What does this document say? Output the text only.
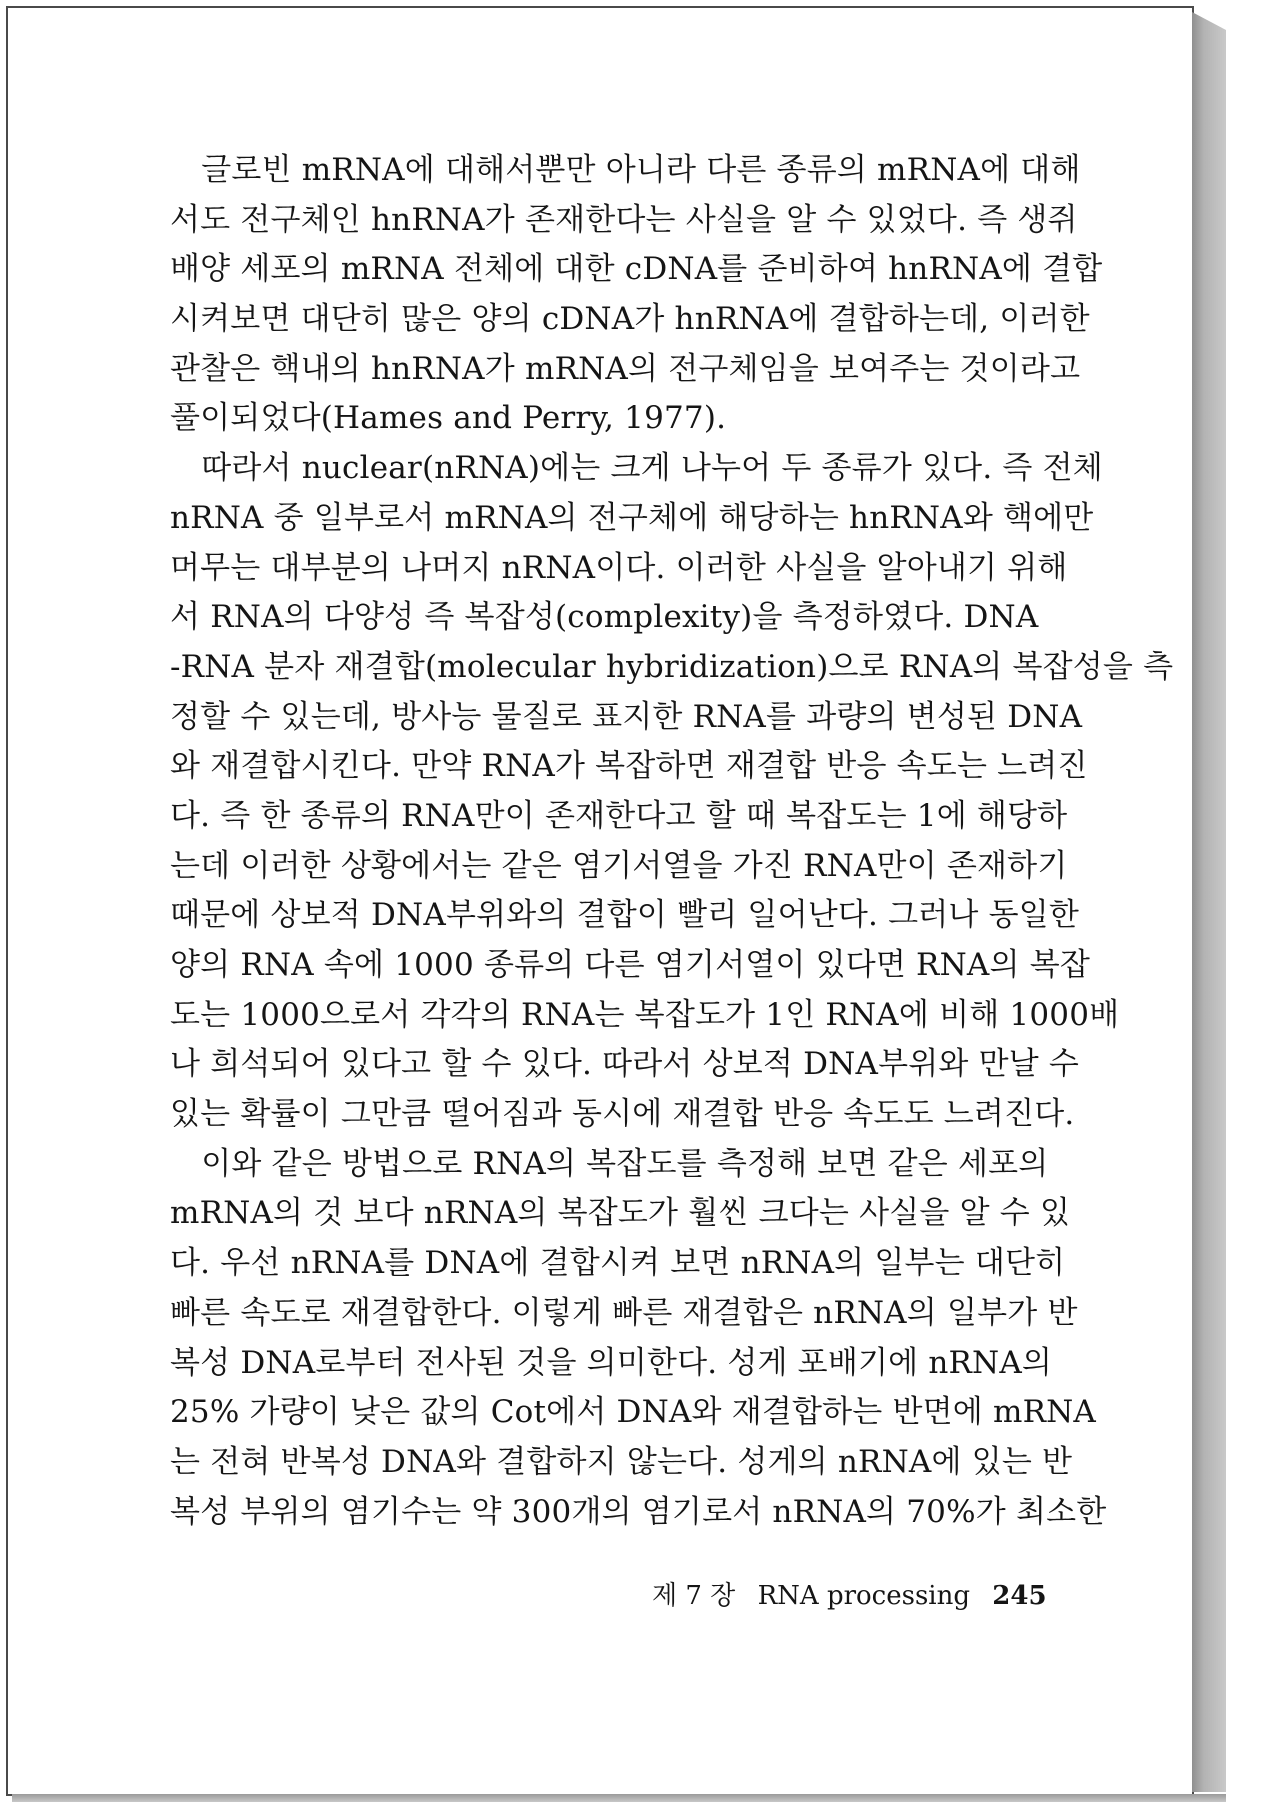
　글로빈 mRNA에 대해서뿐만 아니라 다른 종류의 mRNA에 대해
서도 전구체인 hnRNA가 존재한다는 사실을 알 수 있었다. 즉 생쥐
배양 세포의 mRNA 전체에 대한 cDNA를 준비하여 hnRNA에 결합
시켜보면 대단히 많은 양의 cDNA가 hnRNA에 결합하는데, 이러한
관찰은 핵내의 hnRNA가 mRNA의 전구체임을 보여주는 것이라고
풀이되었다(Hames and Perry, 1977).
　따라서 nuclear(nRNA)에는 크게 나누어 두 종류가 있다. 즉 전체
nRNA 중 일부로서 mRNA의 전구체에 해당하는 hnRNA와 핵에만
머무는 대부분의 나머지 nRNA이다. 이러한 사실을 알아내기 위해
서 RNA의 다양성 즉 복잡성(complexity)을 측정하였다. DNA
-RNA 분자 재결합(molecular hybridization)으로 RNA의 복잡성을 측
정할 수 있는데, 방사능 물질로 표지한 RNA를 과량의 변성된 DNA
와 재결합시킨다. 만약 RNA가 복잡하면 재결합 반응 속도는 느려진
다. 즉 한 종류의 RNA만이 존재한다고 할 때 복잡도는 1에 해당하
는데 이러한 상황에서는 같은 염기서열을 가진 RNA만이 존재하기
때문에 상보적 DNA부위와의 결합이 빨리 일어난다. 그러나 동일한
양의 RNA 속에 1000 종류의 다른 염기서열이 있다면 RNA의 복잡
도는 1000으로서 각각의 RNA는 복잡도가 1인 RNA에 비해 1000배
나 희석되어 있다고 할 수 있다. 따라서 상보적 DNA부위와 만날 수
있는 확률이 그만큼 떨어짐과 동시에 재결합 반응 속도도 느려진다.
　이와 같은 방법으로 RNA의 복잡도를 측정해 보면 같은 세포의
mRNA의 것 보다 nRNA의 복잡도가 훨씬 크다는 사실을 알 수 있
다. 우선 nRNA를 DNA에 결합시켜 보면 nRNA의 일부는 대단히
빠른 속도로 재결합한다. 이렇게 빠른 재결합은 nRNA의 일부가 반
복성 DNA로부터 전사된 것을 의미한다. 성게 포배기에 nRNA의
25% 가량이 낮은 값의 Cot에서 DNA와 재결합하는 반면에 mRNA
는 전혀 반복성 DNA와 결합하지 않는다. 성게의 nRNA에 있는 반
복성 부위의 염기수는 약 300개의 염기로서 nRNA의 70%가 최소한
제 7 장 RNA processing 245
